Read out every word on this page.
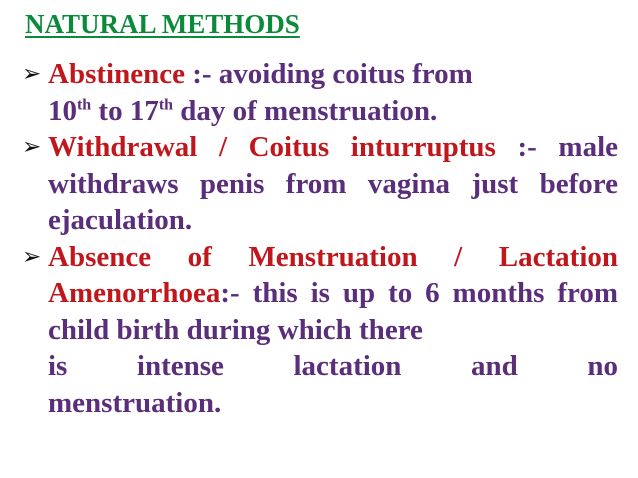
NATURAL METHODS
➢ Abstinence :- avoiding coitus from
10th to 17th day of menstruation.
➢ Withdrawal / Coitus inturruptus :- male withdraws penis from vagina just before ejaculation.
➢ Absence of Menstruation / Lactation Amenorrhoea:- this is up to 6 months from child birth during which there
is intense lactation and no
menstruation.
